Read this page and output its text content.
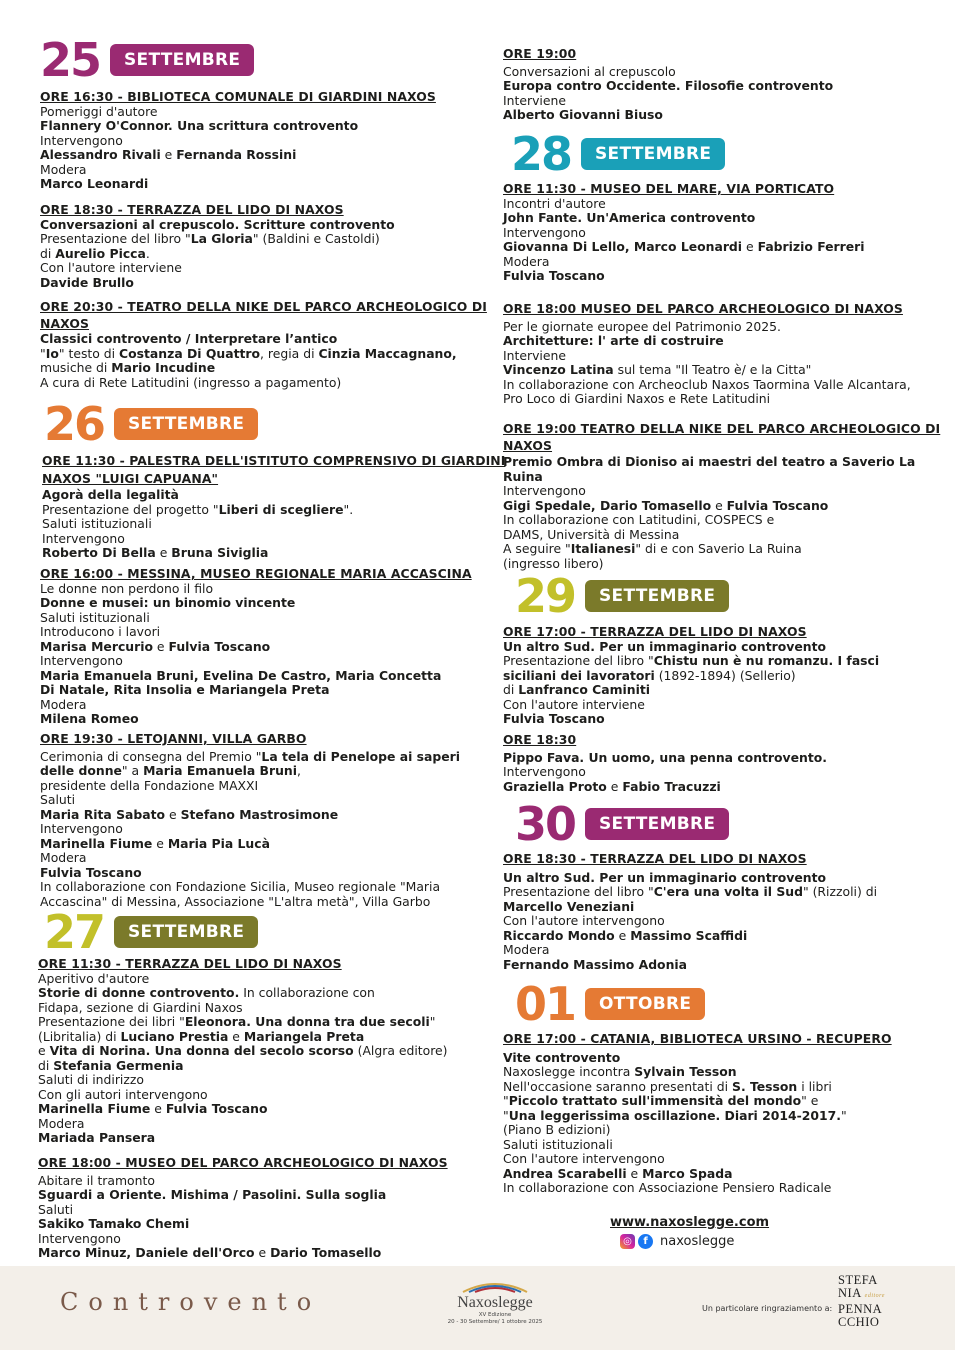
25	SETTEMBRE
ORE 16:30 - BIBLIOTECA COMUNALE DI GIARDINI NAXOS
Pomeriggi d'autore
Flannery O'Connor. Una scrittura controvento
Intervengono
Alessandro Rivali e Fernanda Rossini
Modera
Marco Leonardi
ORE 18:30 - TERRAZZA DEL LIDO DI NAXOS
Conversazioni al crepuscolo. Scritture controvento
Presentazione del libro "La Gloria" (Baldini e Castoldi)
di Aurelio Picca.
Con l'autore interviene
Davide Brullo
ORE 20:30 - TEATRO DELLA NIKE DEL PARCO ARCHEOLOGICO DI
NAXOS
Classici controvento / Interpretare l’antico
"Io" testo di Costanza Di Quattro, regia di Cinzia Maccagnano,
musiche di Mario Incudine
A cura di Rete Latitudini (ingresso a pagamento)
26	SETTEMBRE
ORE 11:30 - PALESTRA DELL'ISTITUTO COMPRENSIVO DI GIARDINI
NAXOS "LUIGI CAPUANA"
Agorà della legalità
Presentazione del progetto "Liberi di scegliere".
Saluti istituzionali
Intervengono
Roberto Di Bella e Bruna Siviglia
ORE 16:00 - MESSINA, MUSEO REGIONALE MARIA ACCASCINA
Le donne non perdono il filo
Donne e musei: un binomio vincente
Saluti istituzionali
Introducono i lavori
Marisa Mercurio e Fulvia Toscano
Intervengono
Maria Emanuela Bruni, Evelina De Castro, Maria Concetta
Di Natale, Rita Insolia e Mariangela Preta
Modera
Milena Romeo
ORE 19:30 - LETOJANNI, VILLA GARBO
Cerimonia di consegna del Premio "La tela di Penelope ai saperi
delle donne" a Maria Emanuela Bruni,
presidente della Fondazione MAXXI
Saluti
Maria Rita Sabato e Stefano Mastrosimone
Intervengono
Marinella Fiume e Maria Pia Lucà
Modera
Fulvia Toscano
In collaborazione con Fondazione Sicilia, Museo regionale "Maria
Accascina" di Messina, Associazione "L'altra metà", Villa Garbo
27	SETTEMBRE
ORE 11:30 - TERRAZZA DEL LIDO DI NAXOS
Aperitivo d'autore
Storie di donne controvento. In collaborazione con
Fidapa, sezione di Giardini Naxos
Presentazione dei libri "Eleonora. Una donna tra due secoli"
(Libritalia) di Luciano Prestia e Mariangela Preta
e Vita di Norina. Una donna del secolo scorso (Algra editore)
di Stefania Germenia
Saluti di indirizzo
Con gli autori intervengono
Marinella Fiume e Fulvia Toscano
Modera
Mariada Pansera
ORE 18:00 - MUSEO DEL PARCO ARCHEOLOGICO DI NAXOS
Abitare il tramonto
Sguardi a Oriente. Mishima / Pasolini. Sulla soglia
Saluti
Sakiko Tamako Chemi
Intervengono
Marco Minuz, Daniele dell'Orco e Dario Tomasello
ORE 19:00
Conversazioni al crepuscolo
Europa contro Occidente. Filosofie controvento
Interviene
Alberto Giovanni Biuso
28	SETTEMBRE
ORE 11:30 - MUSEO DEL MARE, VIA PORTICATO
Incontri d'autore
John Fante. Un'America controvento
Intervengono
Giovanna Di Lello, Marco Leonardi e Fabrizio Ferreri
Modera
Fulvia Toscano
ORE 18:00 MUSEO DEL PARCO ARCHEOLOGICO DI NAXOS
Per le giornate europee del Patrimonio 2025.
Architetture: l' arte di costruire
Interviene
Vincenzo Latina sul tema "Il Teatro è/ e la Citta"
In collaborazione con Archeoclub Naxos Taormina Valle Alcantara,
Pro Loco di Giardini Naxos e Rete Latitudini
ORE 19:00 TEATRO DELLA NIKE DEL PARCO ARCHEOLOGICO DI
NAXOS
Premio Ombra di Dioniso ai maestri del teatro a Saverio La
Ruina
Intervengono
Gigi Spedale, Dario Tomasello e Fulvia Toscano
In collaborazione con Latitudini, COSPECS e
DAMS, Università di Messina
A seguire "Italianesi" di e con Saverio La Ruina
(ingresso libero)
29	SETTEMBRE
ORE 17:00 - TERRAZZA DEL LIDO DI NAXOS
Un altro Sud. Per un immaginario controvento
Presentazione del libro "Chistu nun è nu romanzu. I fasci
siciliani dei lavoratori (1892-1894) (Sellerio)
di Lanfranco Caminiti
Con l'autore interviene
Fulvia Toscano
ORE 18:30
Pippo Fava. Un uomo, una penna controvento.
Intervengono
Graziella Proto e Fabio Tracuzzi
30	SETTEMBRE
ORE 18:30 - TERRAZZA DEL LIDO DI NAXOS
Un altro Sud. Per un immaginario controvento
Presentazione del libro "C'era una volta il Sud" (Rizzoli) di
Marcello Veneziani
Con l'autore intervengono
Riccardo Mondo e Massimo Scaffidi
Modera
Fernando Massimo Adonia
01	OTTOBRE
ORE 17:00 - CATANIA, BIBLIOTECA URSINO - RECUPERO
Vite controvento
Naxoslegge incontra Sylvain Tesson
Nell'occasione saranno presentati di S. Tesson i libri
"Piccolo trattato sull'immensità del mondo" e
"Una leggerissima oscillazione. Diari 2014-2017."
(Piano B edizioni)
Saluti istituzionali
Con l'autore intervengono
Andrea Scarabelli e Marco Spada
In collaborazione con Associazione Pensiero Radicale
www.naxoslegge.com
◎	f naxoslegge
Controvento	Naxoslegge
XV Edizione
20 - 30 Settembre/ 1 ottobre 2025
Un particolare ringraziamento a:
STEFA
NIA editore
PENNA
CCHIO
